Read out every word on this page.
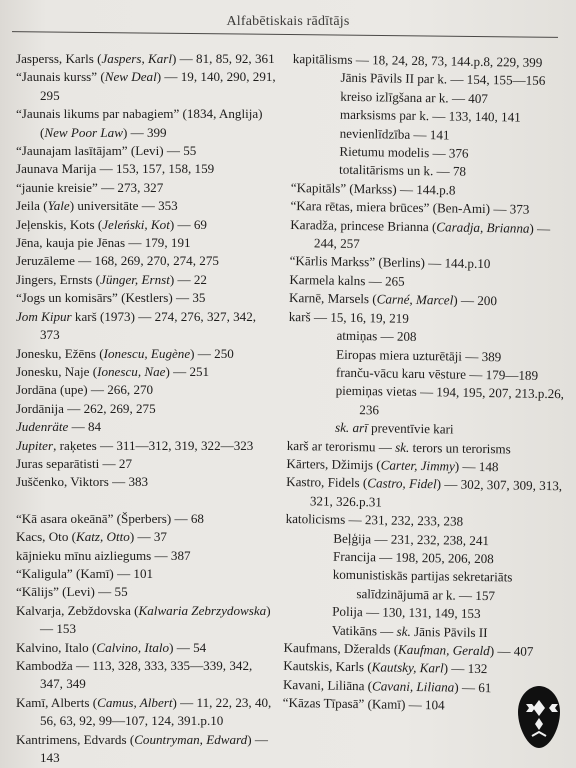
Alfabētiskais rādītājs

Jasperss, Karls (Jaspers, Karl) — 81, 85, 92, 361

“Jaunais kurss” (New Deal) — 19, 140, 290, 291, 295

“Jaunais likums par nabagiem” (1834, Anglija) (New Poor Law) — 399

“Jaunajam lasītājam” (Levi) — 55

Jaunava Marija — 153, 157, 158, 159

“jaunie kreisie” — 273, 327

Jeila (Yale) universitāte — 353

Jeļenskis, Kots (Jeleński, Kot) — 69

Jēna, kauja pie Jēnas — 179, 191

Jeruzāleme — 168, 269, 270, 274, 275

Jingers, Ernsts (Jünger, Ernst) — 22

“Jogs un komisārs” (Kestlers) — 35

Jom Kipur karš (1973) — 274, 276, 327, 342, 373

Jonesku, Ežēns (Ionescu, Eugène) — 250

Jonesku, Naje (Ionescu, Nae) — 251

Jordāna (upe) — 266, 270

Jordānija — 262, 269, 275

Judenräte — 84

Jupiter, raķetes — 311—312, 319, 322—323

Juras separātisti — 27

Juščenko, Viktors — 383

“Kā asara okeānā” (Šperbers) — 68

Kacs, Oto (Katz, Otto) — 37

kājnieku mīnu aizliegums — 387

“Kaligula” (Kamī) — 101

“Kālijs” (Levi) — 55

Kalvarja, Zebždovska (Kalwaria Zebrzydowska) — 153

Kalvino, Italo (Calvino, Italo) — 54

Kambodža — 113, 328, 333, 335—339, 342, 347, 349

Kamī, Alberts (Camus, Albert) — 11, 22, 23, 40, 56, 63, 92, 99—107, 124, 391.p.10

Kantrimens, Edvards (Countryman, Edward) — 143

kapitālisms — 18, 24, 28, 73, 144.p.8, 229, 399

Jānis Pāvils II par k. — 154, 155—156

kreiso izlīgšana ar k. — 407

marksisms par k. — 133, 140, 141

nevienlīdzība — 141

Rietumu modelis — 376

totalitārisms un k. — 78

“Kapitāls” (Markss) — 144.p.8

“Kara rētas, miera brūces” (Ben-Ami) — 373

Karadža, princese Brianna (Caradja, Brianna) — 244, 257

“Kārlis Markss” (Berlins) — 144.p.10

Karmela kalns — 265

Karnē, Marsels (Carné, Marcel) — 200

karš — 15, 16, 19, 219

atmiņas — 208

Eiropas miera uzturētāji — 389

franču-vācu karu vēsture — 179—189

piemiņas vietas — 194, 195, 207, 213.p.26, 236

sk. arī preventīvie kari

karš ar terorismu — sk. terors un terorisms

Kārters, Džimijs (Carter, Jimmy) — 148

Kastro, Fidels (Castro, Fidel) — 302, 307, 309, 313, 321, 326.p.31

katolicisms — 231, 232, 233, 238

Beļģija — 231, 232, 238, 241

Francija — 198, 205, 206, 208

komunistiskās partijas sekretariāts salīdzinājumā ar k. — 157

Polija — 130, 131, 149, 153

Vatikāns — sk. Jānis Pāvils II

Kaufmans, Džeralds (Kaufman, Gerald) — 407

Kautskis, Karls (Kautsky, Karl) — 132

Kavani, Liliāna (Cavani, Liliana) — 61

“Kāzas Tīpasā” (Kamī) — 104
